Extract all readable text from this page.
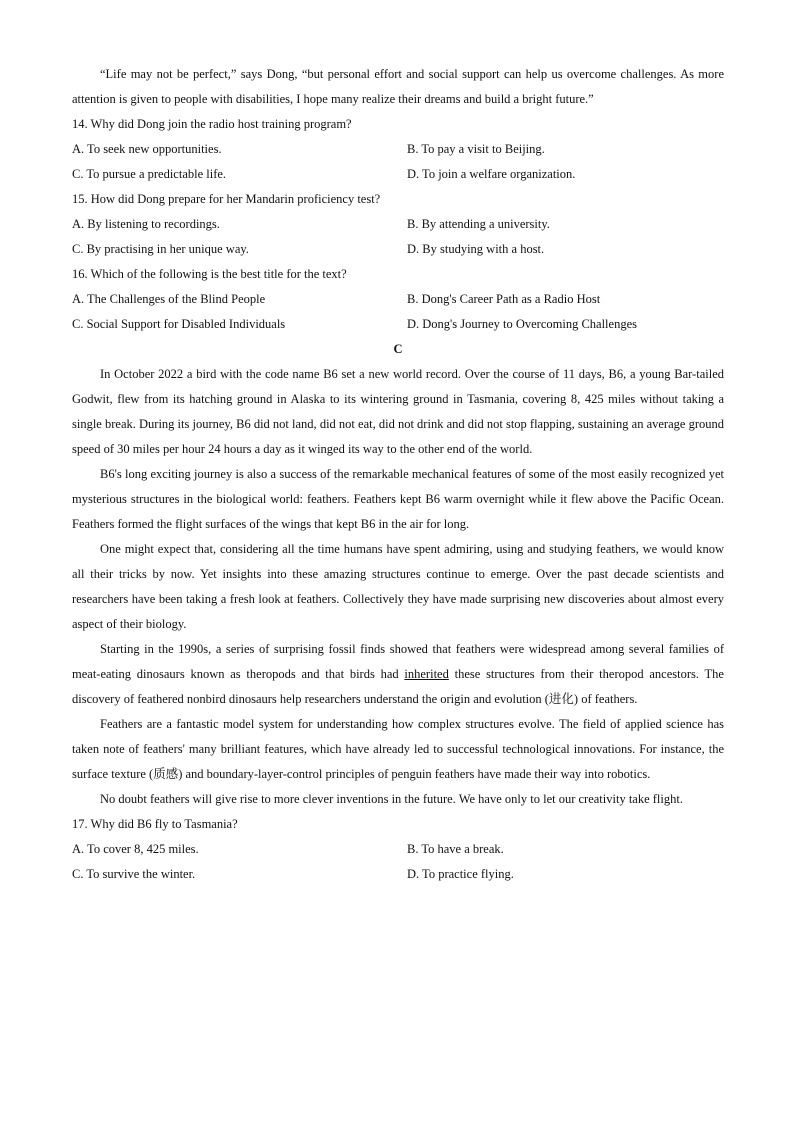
“Life may not be perfect,” says Dong, “but personal effort and social support can help us overcome challenges. As more attention is given to people with disabilities, I hope many realize their dreams and build a bright future.”

14. Why did Dong join the radio host training program?

A. To seek new opportunities.	B. To pay a visit to Beijing.
C. To pursue a predictable life.	D. To join a welfare organization.

15. How did Dong prepare for her Mandarin proficiency test?

A. By listening to recordings.	B. By attending a university.
C. By practising in her unique way.	D. By studying with a host.

16. Which of the following is the best title for the text?

A. The Challenges of the Blind People	B. Dong's Career Path as a Radio Host
C. Social Support for Disabled Individuals	D. Dong's Journey to Overcoming Challenges

C

In October 2022 a bird with the code name B6 set a new world record. Over the course of 11 days, B6, a young Bar-tailed Godwit, flew from its hatching ground in Alaska to its wintering ground in Tasmania, covering 8, 425 miles without taking a single break. During its journey, B6 did not land, did not eat, did not drink and did not stop flapping, sustaining an average ground speed of 30 miles per hour 24 hours a day as it winged its way to the other end of the world.

B6's long exciting journey is also a success of the remarkable mechanical features of some of the most easily recognized yet mysterious structures in the biological world: feathers. Feathers kept B6 warm overnight while it flew above the Pacific Ocean. Feathers formed the flight surfaces of the wings that kept B6 in the air for long.

One might expect that, considering all the time humans have spent admiring, using and studying feathers, we would know all their tricks by now. Yet insights into these amazing structures continue to emerge. Over the past decade scientists and researchers have been taking a fresh look at feathers. Collectively they have made surprising new discoveries about almost every aspect of their biology.

Starting in the 1990s, a series of surprising fossil finds showed that feathers were widespread among several families of meat-eating dinosaurs known as theropods and that birds had inherited these structures from their theropod ancestors. The discovery of feathered nonbird dinosaurs help researchers understand the origin and evolution (进化) of feathers.

Feathers are a fantastic model system for understanding how complex structures evolve. The field of applied science has taken note of feathers' many brilliant features, which have already led to successful technological innovations. For instance, the surface texture (质感) and boundary-layer-control principles of penguin feathers have made their way into robotics.

No doubt feathers will give rise to more clever inventions in the future. We have only to let our creativity take flight.

17. Why did B6 fly to Tasmania?

A. To cover 8, 425 miles.	B. To have a break.
C. To survive the winter.	D. To practice flying.
